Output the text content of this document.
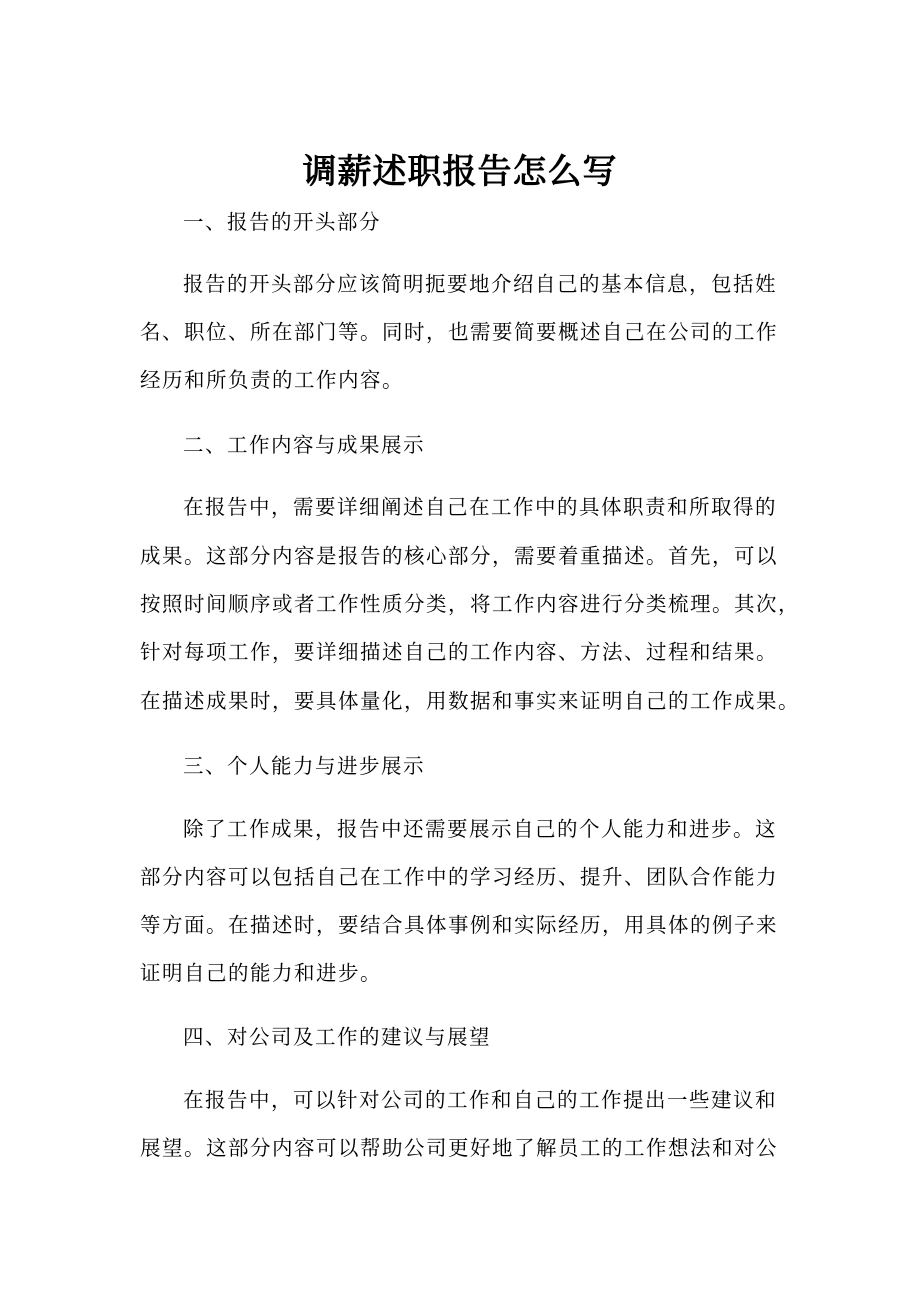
调薪述职报告怎么写

一、报告的开头部分

报告的开头部分应该简明扼要地介绍自己的基本信息，包括姓

名、职位、所在部门等。同时，也需要简要概述自己在公司的工作

经历和所负责的工作内容。

二、工作内容与成果展示

在报告中，需要详细阐述自己在工作中的具体职责和所取得的

成果。这部分内容是报告的核心部分，需要着重描述。首先，可以

按照时间顺序或者工作性质分类，将工作内容进行分类梳理。其次，

针对每项工作，要详细描述自己的工作内容、方法、过程和结果。

在描述成果时，要具体量化，用数据和事实来证明自己的工作成果。

三、个人能力与进步展示

除了工作成果，报告中还需要展示自己的个人能力和进步。这

部分内容可以包括自己在工作中的学习经历、提升、团队合作能力

等方面。在描述时，要结合具体事例和实际经历，用具体的例子来

证明自己的能力和进步。

四、对公司及工作的建议与展望

在报告中，可以针对公司的工作和自己的工作提出一些建议和

展望。这部分内容可以帮助公司更好地了解员工的工作想法和对公
